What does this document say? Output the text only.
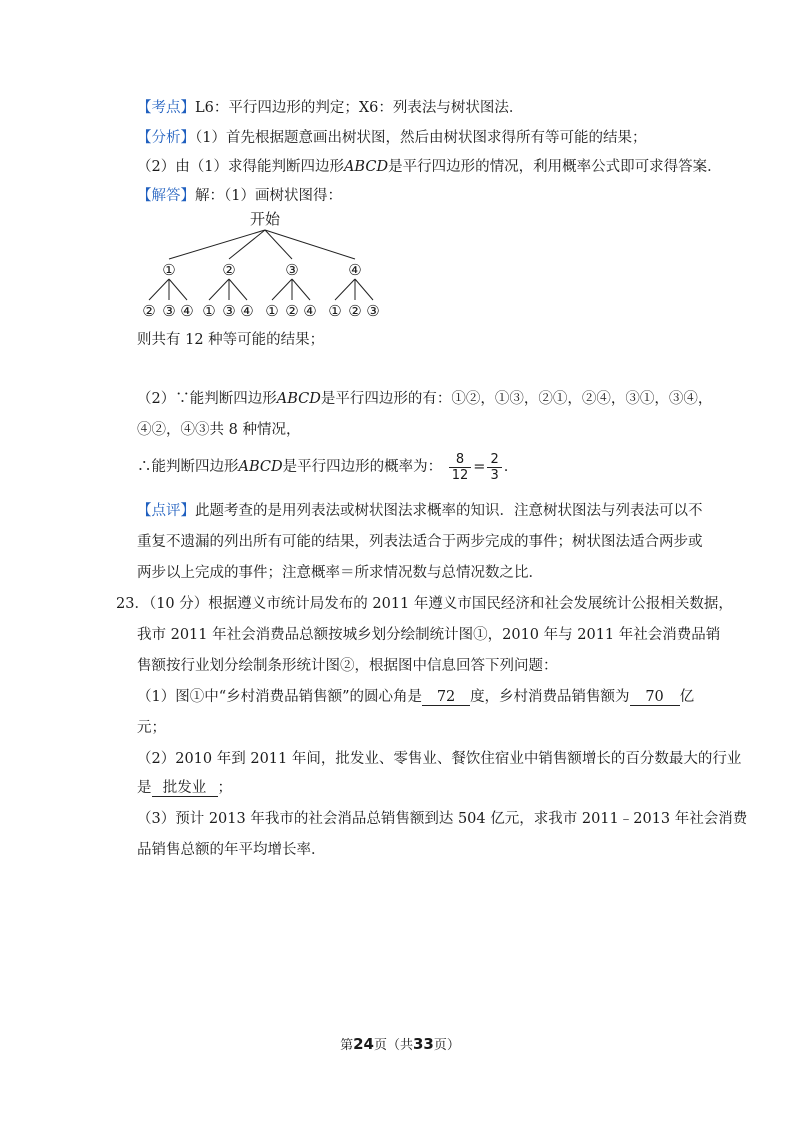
【考点】L6：平行四边形的判定；X6：列表法与树状图法．
【分析】（1）首先根据题意画出树状图，然后由树状图求得所有等可能的结果；
（2）由（1）求得能判断四边形ABCD是平行四边形的情况，利用概率公式即可求得答案．
【解答】解：（1）画树状图得：
开始
①
② ③ ④
②
① ③ ④
③
① ② ④
④
① ② ③
则共有 12 种等可能的结果；
（2）∵能判断四边形ABCD是平行四边形的有：①②，①③，②①，②④，③①，③④，
④②，④③共 8 种情况，
∴能判断四边形ABCD是平行四边形的概率为： $\frac{8}{12} = \frac{2}{3}$ .
【点评】此题考查的是用列表法或树状图法求概率的知识．注意树状图法与列表法可以不
重复不遗漏的列出所有可能的结果，列表法适合于两步完成的事件；树状图法适合两步或
两步以上完成的事件；注意概率＝所求情况数与总情况数之比．
23．（10 分）根据遵义市统计局发布的 2011 年遵义市国民经济和社会发展统计公报相关数据，
我市 2011 年社会消费品总额按城乡划分绘制统计图①，2010 年与 2011 年社会消费品销
售额按行业划分绘制条形统计图②，根据图中信息回答下列问题：
（1）图①中“乡村消费品销售额”的圆心角是 72 度，乡村消费品销售额为 70 亿
元；
（2）2010 年到 2011 年间，批发业、零售业、餐饮住宿业中销售额增长的百分数最大的行业
是 批发业 ；
（3）预计 2013 年我市的社会消品总销售额到达 504 亿元，求我市 2011﹣2013 年社会消费
品销售总额的年平均增长率．
第24页（共33页）
